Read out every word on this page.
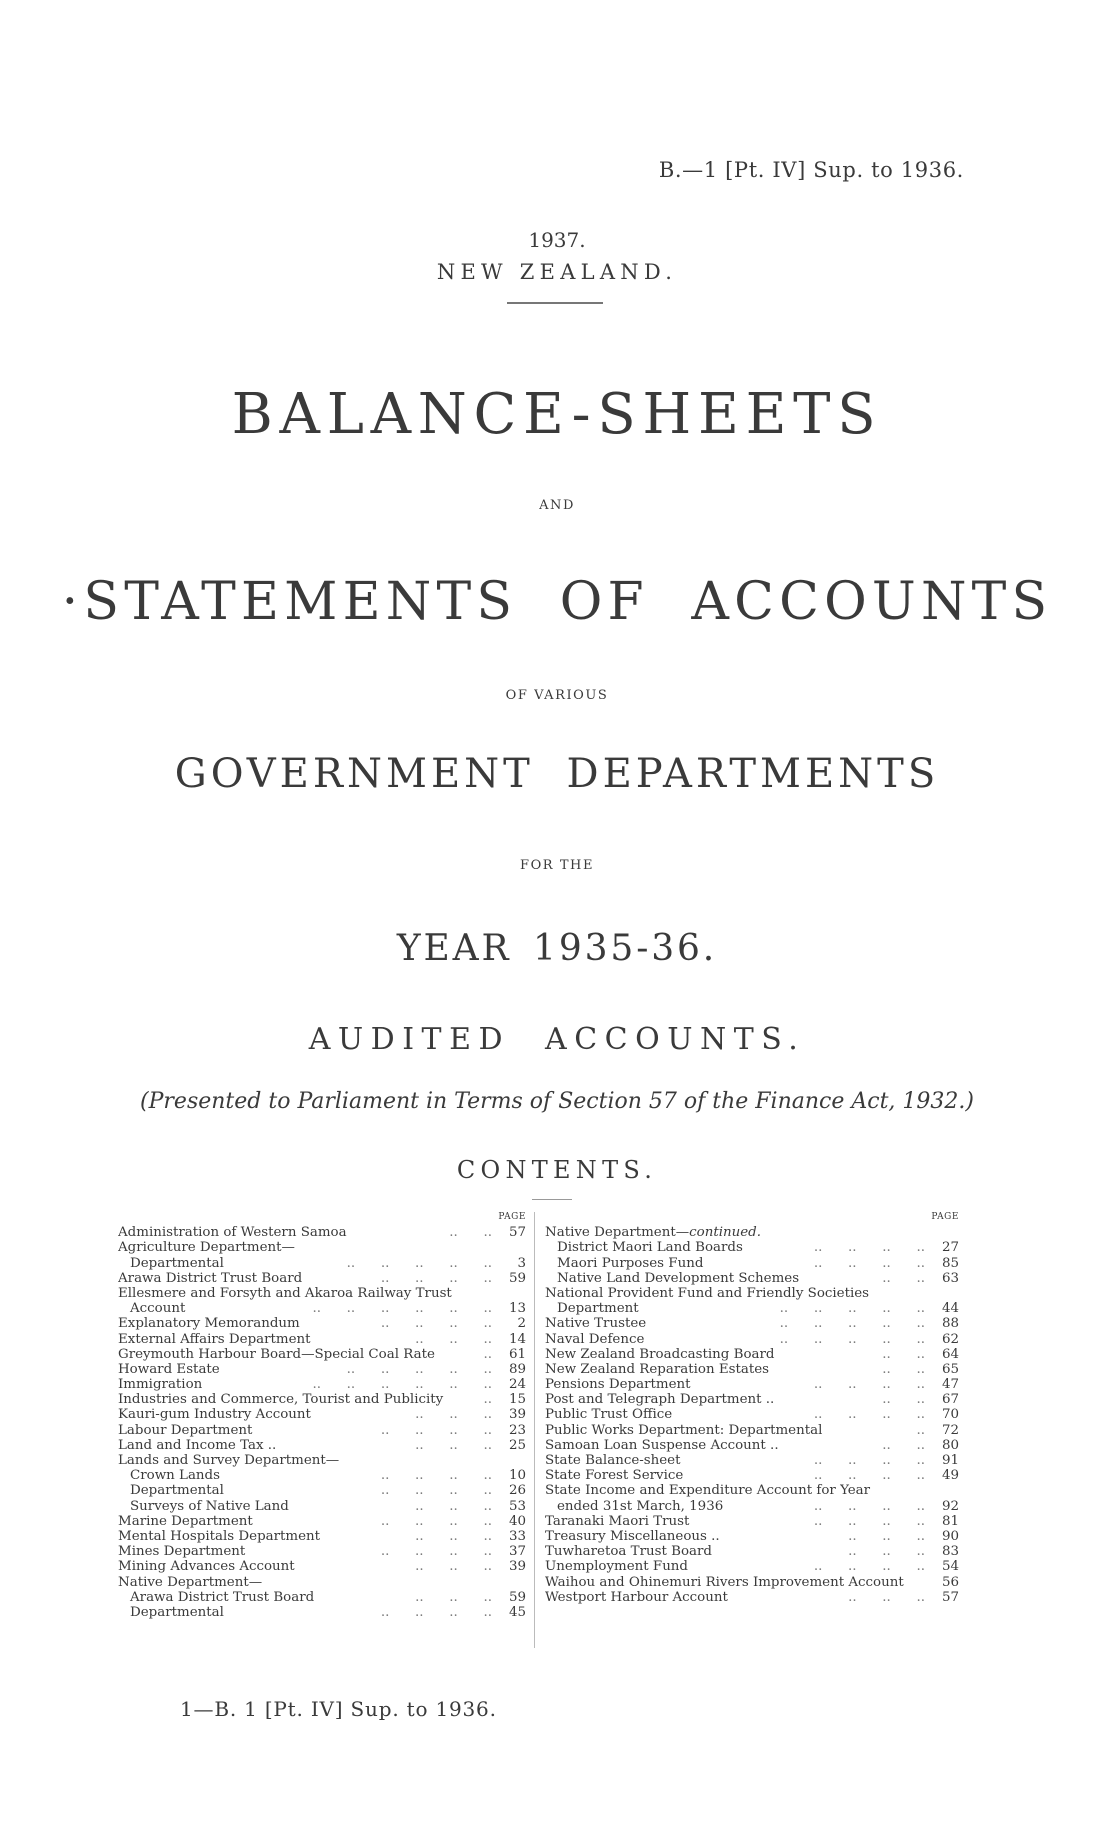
B.—1 [Pt. IV] Sup. to 1936.
1937.
NEW ZEALAND.
BALANCE-SHEETS
AND
·STATEMENTS OF ACCOUNTS
OF VARIOUS
GOVERNMENT DEPARTMENTS
FOR THE
YEAR 1935-36.
AUDITED ACCOUNTS.
(Presented to Parliament in Terms of Section 57 of the Finance Act, 1932.)
CONTENTS.
PAGE
Administration of Western Samoa	.. .. 57
Agriculture Department—
Departmental	.. .. .. .. .. 3
Arawa District Trust Board	.. .. .. .. 59
Ellesmere and Forsyth and Akaroa Railway Trust
Account	.. .. .. .. .. .. 13
Explanatory Memorandum	.. .. .. .. 2
External Affairs Department	.. .. .. 14
Greymouth Harbour Board—Special Coal Rate	.. 61
Howard Estate	.. .. .. .. .. 89
Immigration	.. .. .. .. .. .. 24
Industries and Commerce, Tourist and Publicity	.. 15
Kauri-gum Industry Account	.. .. .. 39
Labour Department	.. .. .. .. 23
Land and Income Tax ..	.. .. .. 25
Lands and Survey Department—
Crown Lands	.. .. .. .. 10
Departmental	.. .. .. .. 26
Surveys of Native Land	.. .. .. 53
Marine Department	.. .. .. .. 40
Mental Hospitals Department	.. .. .. 33
Mines Department	.. .. .. .. 37
Mining Advances Account	.. .. .. 39
Native Department—
Arawa District Trust Board	.. .. .. 59
Departmental	.. .. .. .. 45
PAGE
Native Department—continued.
District Maori Land Boards	.. .. .. .. 27
Maori Purposes Fund	.. .. .. .. 85
Native Land Development Schemes	.. .. 63
National Provident Fund and Friendly Societies
Department	.. .. .. .. .. 44
Native Trustee	.. .. .. .. .. 88
Naval Defence	.. .. .. .. .. 62
New Zealand Broadcasting Board	.. .. 64
New Zealand Reparation Estates	.. .. 65
Pensions Department	.. .. .. .. 47
Post and Telegraph Department ..	.. .. 67
Public Trust Office	.. .. .. .. 70
Public Works Department: Departmental	.. 72
Samoan Loan Suspense Account ..	.. .. 80
State Balance-sheet	.. .. .. .. 91
State Forest Service	.. .. .. .. 49
State Income and Expenditure Account for Year
ended 31st March, 1936	.. .. .. .. 92
Taranaki Maori Trust	.. .. .. .. 81
Treasury Miscellaneous ..	.. .. .. 90
Tuwharetoa Trust Board	.. .. .. 83
Unemployment Fund	.. .. .. .. 54
Waihou and Ohinemuri Rivers Improvement Account	56
Westport Harbour Account	.. .. .. 57
1—B. 1 [Pt. IV] Sup. to 1936.
